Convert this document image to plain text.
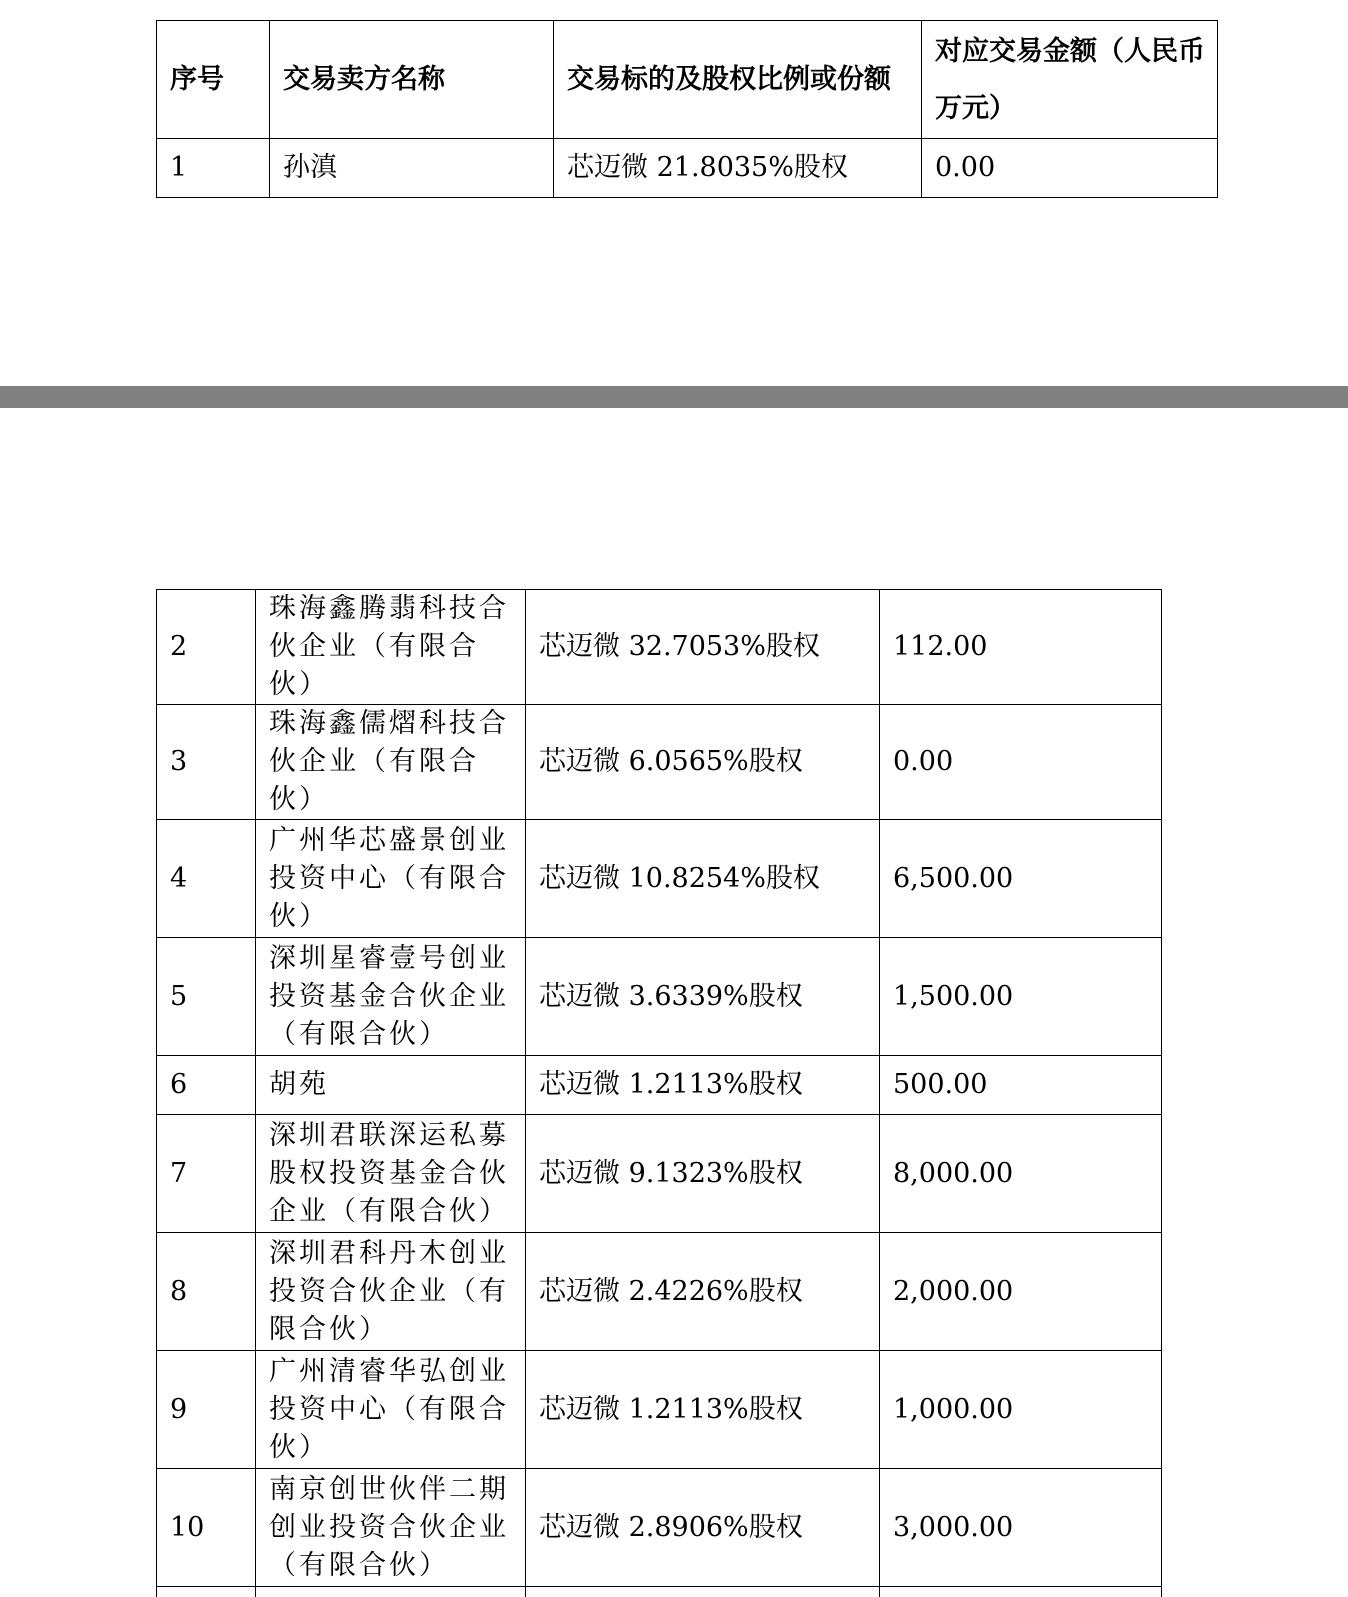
序号	交易卖方名称	交易标的及股权比例或份额	对应交易金额（人民币万元）
1	孙滇	芯迈微 21.8035%股权	0.00
2	珠海鑫腾翡科技合伙企业（有限合伙）	芯迈微 32.7053%股权	112.00
3	珠海鑫儒熠科技合伙企业（有限合伙）	芯迈微 6.0565%股权	0.00
4	广州华芯盛景创业投资中心（有限合伙）	芯迈微 10.8254%股权	6,500.00
5	深圳星睿壹号创业投资基金合伙企业（有限合伙）	芯迈微 3.6339%股权	1,500.00
6	胡苑	芯迈微 1.2113%股权	500.00
7	深圳君联深运私募股权投资基金合伙企业（有限合伙）	芯迈微 9.1323%股权	8,000.00
8	深圳君科丹木创业投资合伙企业（有限合伙）	芯迈微 2.4226%股权	2,000.00
9	广州清睿华弘创业投资中心（有限合伙）	芯迈微 1.2113%股权	1,000.00
10	南京创世伙伴二期创业投资合伙企业（有限合伙）	芯迈微 2.8906%股权	3,000.00
